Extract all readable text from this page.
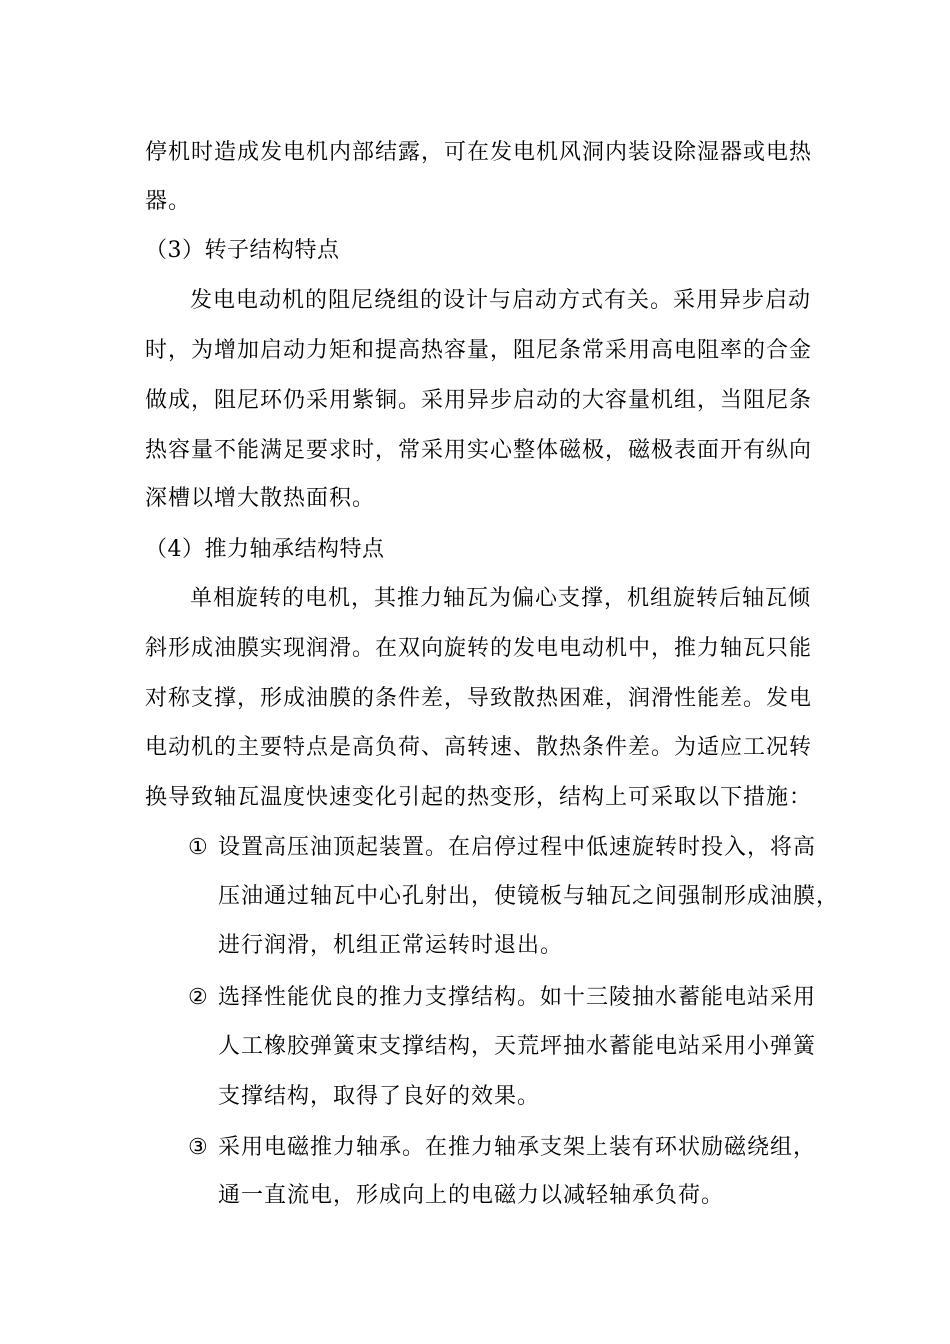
停机时造成发电机内部结露，可在发电机风洞内装设除湿器或电热
器。
（3）转子结构特点
发电电动机的阻尼绕组的设计与启动方式有关。采用异步启动
时，为增加启动力矩和提高热容量，阻尼条常采用高电阻率的合金
做成，阻尼环仍采用紫铜。采用异步启动的大容量机组，当阻尼条
热容量不能满足要求时，常采用实心整体磁极，磁极表面开有纵向
深槽以增大散热面积。
（4）推力轴承结构特点
单相旋转的电机，其推力轴瓦为偏心支撑，机组旋转后轴瓦倾
斜形成油膜实现润滑。在双向旋转的发电电动机中，推力轴瓦只能
对称支撑，形成油膜的条件差，导致散热困难，润滑性能差。发电
电动机的主要特点是高负荷、高转速、散热条件差。为适应工况转
换导致轴瓦温度快速变化引起的热变形，结构上可采取以下措施：
① 设置高压油顶起装置。在启停过程中低速旋转时投入，将高
压油通过轴瓦中心孔射出，使镜板与轴瓦之间强制形成油膜，
进行润滑，机组正常运转时退出。
② 选择性能优良的推力支撑结构。如十三陵抽水蓄能电站采用
人工橡胶弹簧束支撑结构，天荒坪抽水蓄能电站采用小弹簧
支撑结构，取得了良好的效果。
③ 采用电磁推力轴承。在推力轴承支架上装有环状励磁绕组，
通一直流电，形成向上的电磁力以减轻轴承负荷。
